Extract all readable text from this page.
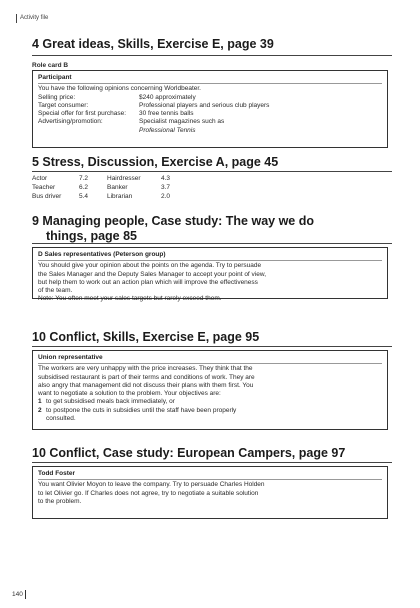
Activity file
4 Great ideas, Skills, Exercise E, page 39
Role card B
Participant
You have the following opinions concerning Worldbeater.
Selling price:	$240 approximately
Target consumer:	Professional players and serious club players
Special offer for first purchase:	30 free tennis balls
Advertising/promotion:	Specialist magazines such as
Professional Tennis
5 Stress, Discussion, Exercise A, page 45
Actor	7.2	Hairdresser	4.3
Teacher	6.2	Banker	3.7
Bus driver	5.4	Librarian	2.0
9 Managing people, Case study: The way we do
things, page 85
D Sales representatives (Peterson group)
You should give your opinion about the points on the agenda. Try to persuade
the Sales Manager and the Deputy Sales Manager to accept your point of view,
but help them to work out an action plan which will improve the effectiveness
of the team.
Note: You often meet your sales targets but rarely exceed them.
10 Conflict, Skills, Exercise E, page 95
Union representative
The workers are very unhappy with the price increases. They think that the
subsidised restaurant is part of their terms and conditions of work. They are
also angry that management did not discuss their plans with them first. You
want to negotiate a solution to the problem. Your objectives are:
1 to get subsidised meals back immediately, or
2 to postpone the cuts in subsidies until the staff have been properly
consulted.
10 Conflict, Case study: European Campers, page 97
Todd Foster
You want Olivier Moyon to leave the company. Try to persuade Charles Holden
to let Olivier go. If Charles does not agree, try to negotiate a suitable solution
to the problem.
140
